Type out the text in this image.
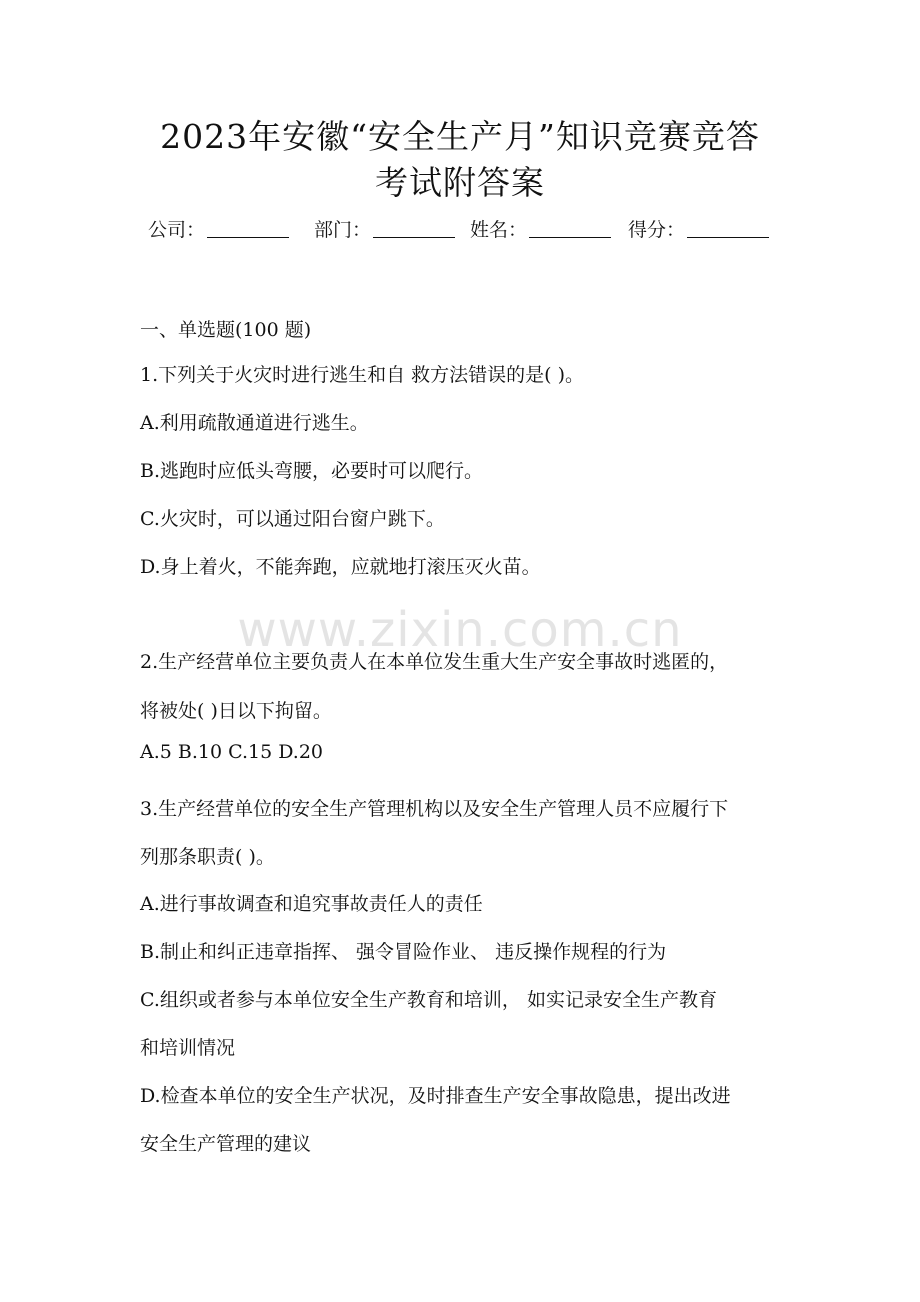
2023年安徽“安全生产月”知识竞赛竞答
考试附答案
公司：	部门：	姓名：	得分：
一、单选题(100 题)
1.下列关于火灾时进行逃生和自 救方法错误的是( )。
A.利用疏散通道进行逃生。
B.逃跑时应低头弯腰，必要时可以爬行。
C.火灾时，可以通过阳台窗户跳下。
D.身上着火，不能奔跑，应就地打滚压灭火苗。
www.zixin.com.cn
2.生产经营单位主要负责人在本单位发生重大生产安全事故时逃匿的，
将被处( )日以下拘留。
A.5 B.10 C.15 D.20
3.生产经营单位的安全生产管理机构以及安全生产管理人员不应履行下
列那条职责( )。
A.进行事故调查和追究事故责任人的责任
B.制止和纠正违章指挥、 强令冒险作业、 违反操作规程的行为
C.组织或者参与本单位安全生产教育和培训， 如实记录安全生产教育
和培训情况
D.检查本单位的安全生产状况，及时排查生产安全事故隐患，提出改进
安全生产管理的建议
